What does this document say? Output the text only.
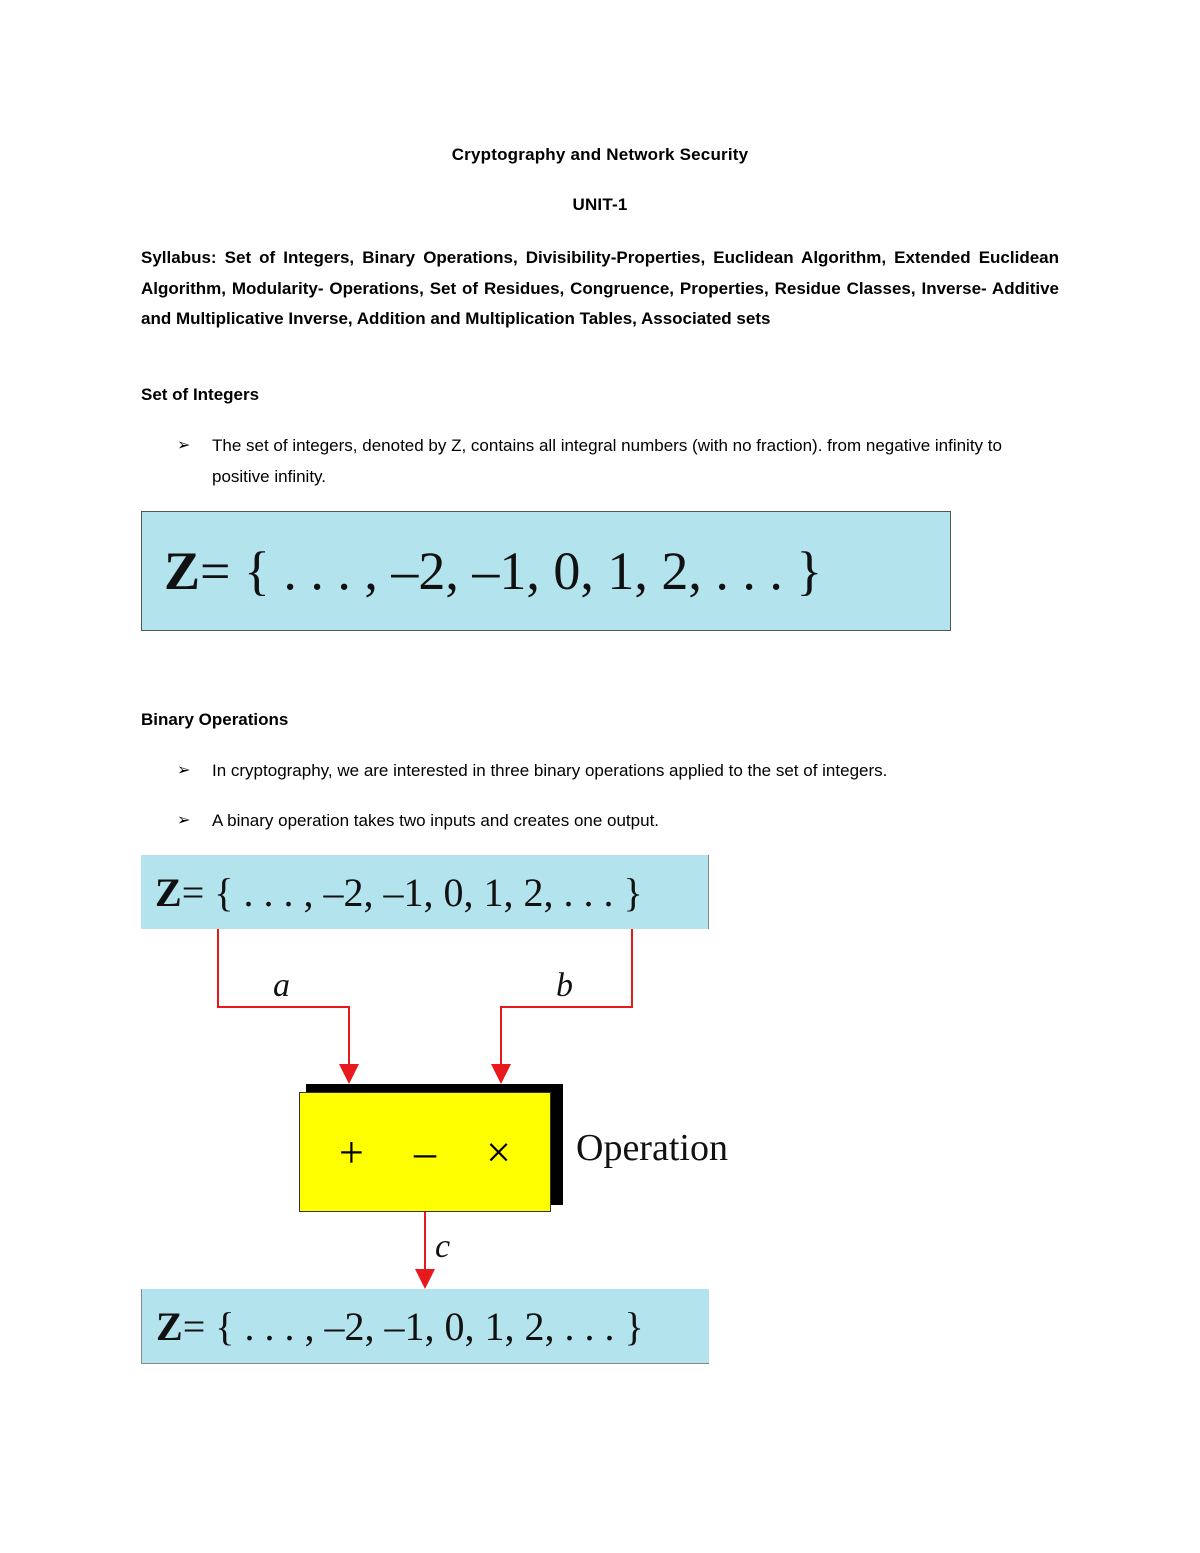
Cryptography and Network Security
UNIT-1

Syllabus: Set of Integers, Binary Operations, Divisibility-Properties, Euclidean Algorithm, Extended Euclidean Algorithm, Modularity- Operations, Set of Residues, Congruence, Properties, Residue Classes, Inverse- Additive and Multiplicative Inverse, Addition and Multiplication Tables, Associated sets

Set of Integers

➢	The set of integers, denoted by Z, contains all integral numbers (with no fraction). from negative infinity to positive infinity.

Z = { . . . , –2, –1, 0, 1, 2, . . . }

Binary Operations

➢	In cryptography, we are interested in three binary operations applied to the set of integers.

➢	A binary operation takes two inputs and creates one output.

Z = { . . . , –2, –1, 0, 1, 2, . . . }
a	b
+ – × Operation
c
Z = { . . . , –2, –1, 0, 1, 2, . . . }
